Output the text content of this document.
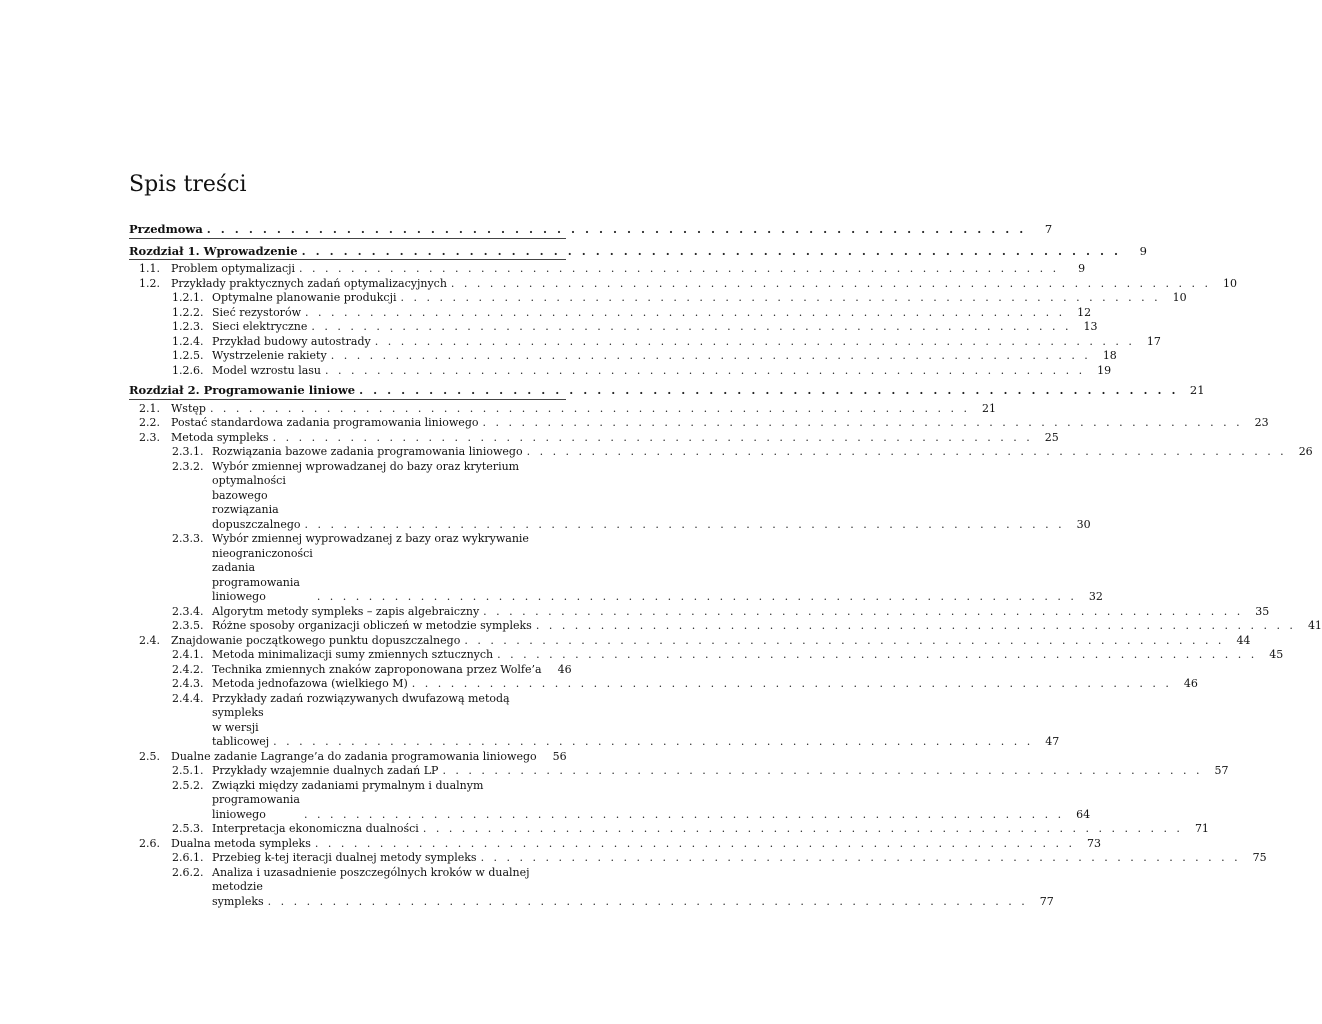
Spis treści
Przedmowa . . . . . . . . . . . . . . . . . . . . . . . . . . . . . . . . . . . . . . . . . . . . . . . . . . . . . . . . . . .	7
Rozdział 1. Wprowadzenie . . . . . . . . . . . . . . . . . . . . . . . . . . . . . . . . . . . . . . . . . . . . . . . . . . . . . . . . . . .	9
1.1.	Problem optymalizacji . . . . . . . . . . . . . . . . . . . . . . . . . . . . . . . . . . . . . . . . . . . . . . . . . . . . . . . . . . .	9
1.2.	Przykłady praktycznych zadań optymalizacyjnych . . . . . . . . . . . . . . . . . . . . . . . . . . . . . . . . . . . . . . . . . . . . . . . . . . . . . . . . . . .	10
1.2.1. Optymalne planowanie produkcji . . . . . . . . . . . . . . . . . . . . . . . . . . . . . . . . . . . . . . . . . . . . . . . . . . . . . . . . . . .	10
1.2.2. Sieć rezystorów . . . . . . . . . . . . . . . . . . . . . . . . . . . . . . . . . . . . . . . . . . . . . . . . . . . . . . . . . . .	12
1.2.3. Sieci elektryczne . . . . . . . . . . . . . . . . . . . . . . . . . . . . . . . . . . . . . . . . . . . . . . . . . . . . . . . . . . .	13
1.2.4. Przykład budowy autostrady . . . . . . . . . . . . . . . . . . . . . . . . . . . . . . . . . . . . . . . . . . . . . . . . . . . . . . . . . . .	17
1.2.5. Wystrzelenie rakiety . . . . . . . . . . . . . . . . . . . . . . . . . . . . . . . . . . . . . . . . . . . . . . . . . . . . . . . . . . .	18
1.2.6. Model wzrostu lasu . . . . . . . . . . . . . . . . . . . . . . . . . . . . . . . . . . . . . . . . . . . . . . . . . . . . . . . . . . .	19
Rozdział 2. Programowanie liniowe . . . . . . . . . . . . . . . . . . . . . . . . . . . . . . . . . . . . . . . . . . . . . . . . . . . . . . . . . . . 21
2.1.	Wstęp . . . . . . . . . . . . . . . . . . . . . . . . . . . . . . . . . . . . . . . . . . . . . . . . . . . . . . . . . . .	21
2.2.	Postać standardowa zadania programowania liniowego . . . . . . . . . . . . . . . . . . . . . . . . . . . . . . . . . . . . . . . . . . . . . . . . . . . . . . . . . . .	23
2.3.	Metoda sympleks . . . . . . . . . . . . . . . . . . . . . . . . . . . . . . . . . . . . . . . . . . . . . . . . . . . . . . . . . . .	25
2.3.1. Rozwiązania bazowe zadania programowania liniowego . . . . . . . . . . . . . . . . . . . . . . . . . . . . . . . . . . . . . . . . . . . . . . . . . . . . . . . . . . .	26
2.3.2. Wybór zmiennej wprowadzanej do bazy oraz kryterium
optymalności bazowego rozwiązania dopuszczalnego . . . . . . . . . . . . . . . . . . . . . . . . . . . . . . . . . . . . . . . . . . . . . . . . . . . . . . . . . . .	30
2.3.3. Wybór zmiennej wyprowadzanej z bazy oraz wykrywanie
nieograniczoności zadania programowania liniowego	. . . . . . . . . . . . . . . . . . . . . . . . . . . . . . . . . . . . . . . . . . . . . . . . . . . . . . . . . . .	32
2.3.4. Algorytm metody sympleks – zapis algebraiczny . . . . . . . . . . . . . . . . . . . . . . . . . . . . . . . . . . . . . . . . . . . . . . . . . . . . . . . . . . .	35
2.3.5. Różne sposoby organizacji obliczeń w metodzie sympleks . . . . . . . . . . . . . . . . . . . . . . . . . . . . . . . . . . . . . . . . . . . . . . . . . . . . . . . . . . .	41
2.4.	Znajdowanie początkowego punktu dopuszczalnego . . . . . . . . . . . . . . . . . . . . . . . . . . . . . . . . . . . . . . . . . . . . . . . . . . . . . . . . . . .	44
2.4.1. Metoda minimalizacji sumy zmiennych sztucznych . . . . . . . . . . . . . . . . . . . . . . . . . . . . . . . . . . . . . . . . . . . . . . . . . . . . . . . . . . .	45
2.4.2. Technika zmiennych znaków zaproponowana przez Wolfe’a	46
2.4.3. Metoda jednofazowa (wielkiego M) . . . . . . . . . . . . . . . . . . . . . . . . . . . . . . . . . . . . . . . . . . . . . . . . . . . . . . . . . . .	46
2.4.4. Przykłady zadań rozwiązywanych dwufazową metodą
sympleks w wersji tablicowej . . . . . . . . . . . . . . . . . . . . . . . . . . . . . . . . . . . . . . . . . . . . . . . . . . . . . . . . . . .	47
2.5.	Dualne zadanie Lagrange’a do zadania programowania liniowego	56
2.5.1. Przykłady wzajemnie dualnych zadań LP . . . . . . . . . . . . . . . . . . . . . . . . . . . . . . . . . . . . . . . . . . . . . . . . . . . . . . . . . . .	57
2.5.2. Związki między zadaniami prymalnym i dualnym
programowania liniowego	. . . . . . . . . . . . . . . . . . . . . . . . . . . . . . . . . . . . . . . . . . . . . . . . . . . . . . . . . . .	64
2.5.3. Interpretacja ekonomiczna dualności . . . . . . . . . . . . . . . . . . . . . . . . . . . . . . . . . . . . . . . . . . . . . . . . . . . . . . . . . . .	71
2.6.	Dualna metoda sympleks . . . . . . . . . . . . . . . . . . . . . . . . . . . . . . . . . . . . . . . . . . . . . . . . . . . . . . . . . . .	73
2.6.1. Przebieg k-tej iteracji dualnej metody sympleks . . . . . . . . . . . . . . . . . . . . . . . . . . . . . . . . . . . . . . . . . . . . . . . . . . . . . . . . . . .	75
2.6.2. Analiza i uzasadnienie poszczególnych kroków w dualnej
metodzie sympleks . . . . . . . . . . . . . . . . . . . . . . . . . . . . . . . . . . . . . . . . . . . . . . . . . . . . . . . . . . .	77
